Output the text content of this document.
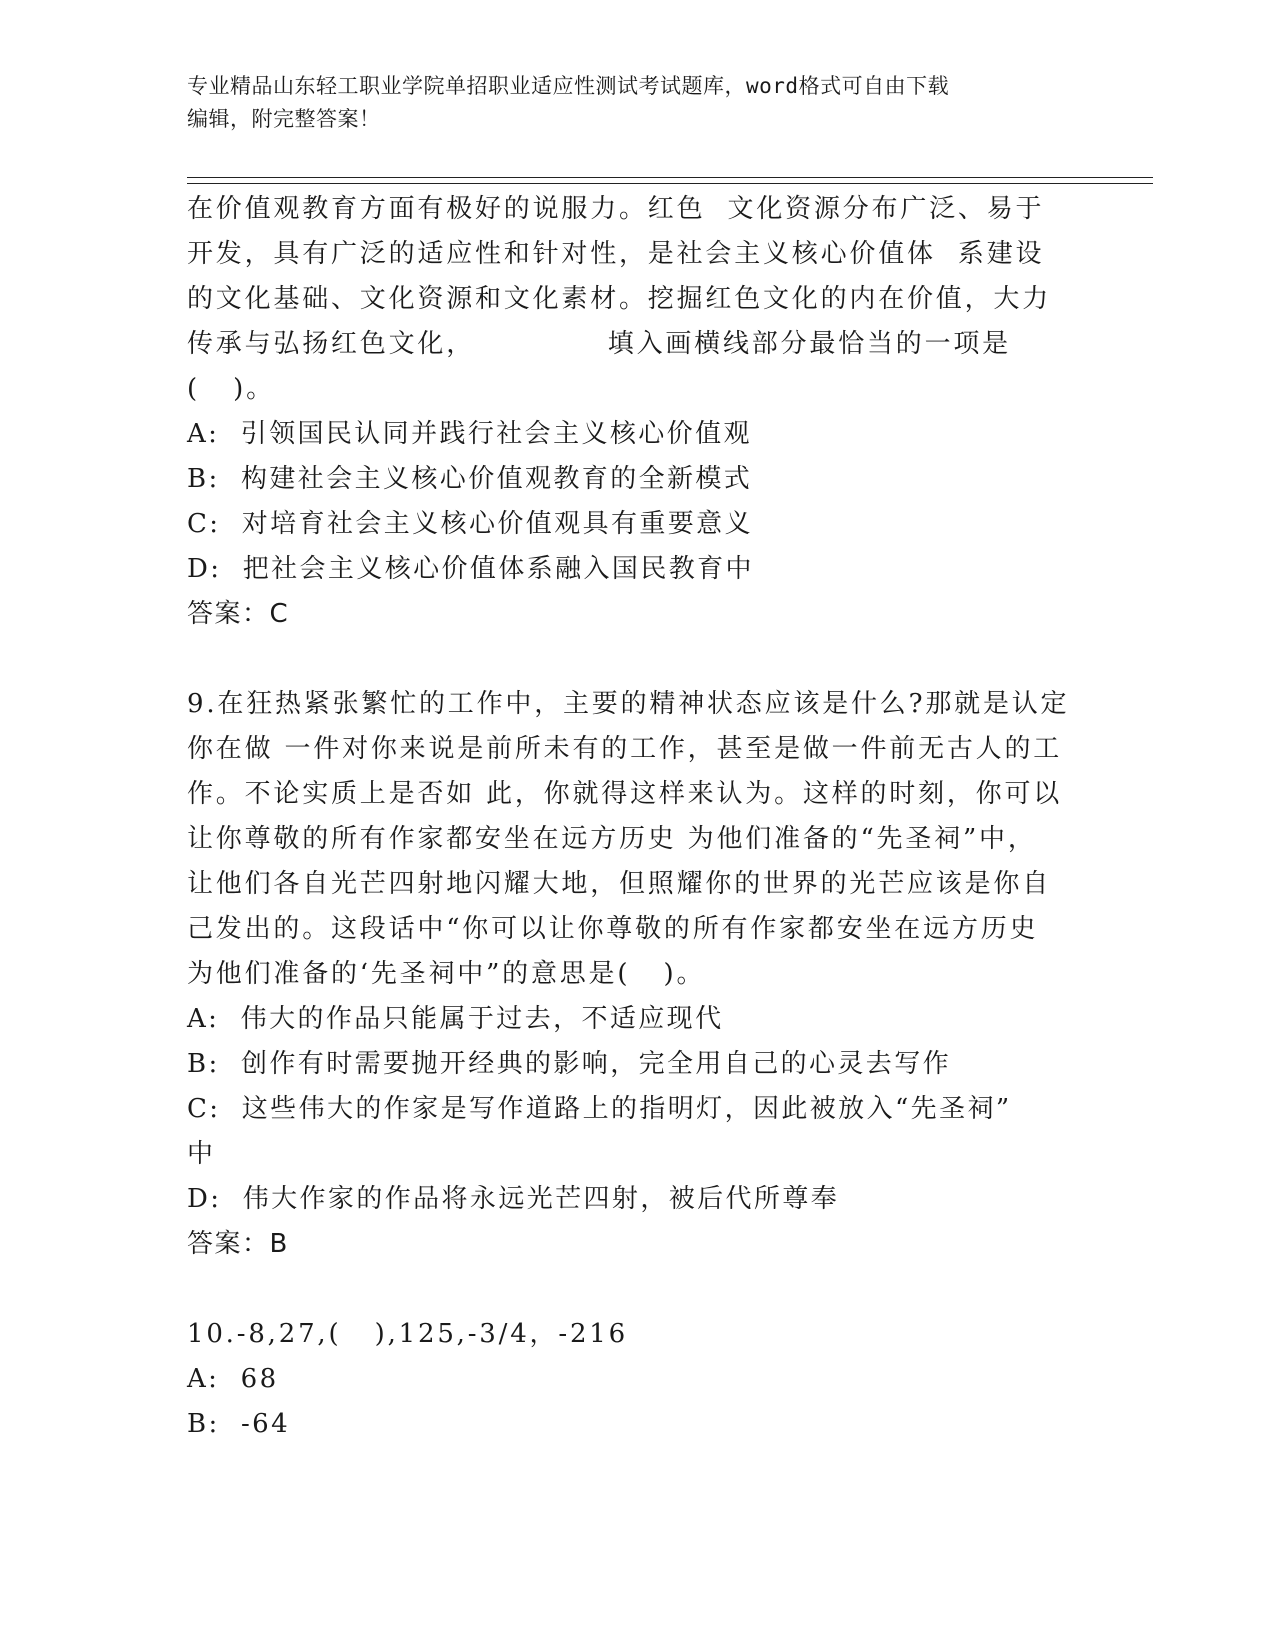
专业精品山东轻工职业学院单招职业适应性测试考试题库，word格式可自由下载
编辑，附完整答案！
在价值观教育方面有极好的说服力。红色  文化资源分布广泛、易于
开发，具有广泛的适应性和针对性，是社会主义核心价值体  系建设
的文化基础、文化资源和文化素材。挖掘红色文化的内在价值，大力
传承与弘扬红色文化，            填入画横线部分最恰当的一项是
(   )。
A:  引领国民认同并践行社会主义核心价值观
B:  构建社会主义核心价值观教育的全新模式
C:  对培育社会主义核心价值观具有重要意义
D:  把社会主义核心价值体系融入国民教育中
答案：C
9.在狂热紧张繁忙的工作中，主要的精神状态应该是什么?那就是认定
你在做 一件对你来说是前所未有的工作，甚至是做一件前无古人的工
作。不论实质上是否如 此，你就得这样来认为。这样的时刻，你可以
让你尊敬的所有作家都安坐在远方历史 为他们准备的“先圣祠”中，
让他们各自光芒四射地闪耀大地，但照耀你的世界的光芒应该是你自
己发出的。这段话中“你可以让你尊敬的所有作家都安坐在远方历史
为他们准备的‘先圣祠中”的意思是(   )。
A:  伟大的作品只能属于过去，不适应现代
B:  创作有时需要抛开经典的影响，完全用自己的心灵去写作
C:  这些伟大的作家是写作道路上的指明灯，因此被放入“先圣祠”
中
D:  伟大作家的作品将永远光芒四射，被后代所尊奉
答案：B
10.-8,27,(   ),125,-3/4，-216
A:  68
B:  -64
